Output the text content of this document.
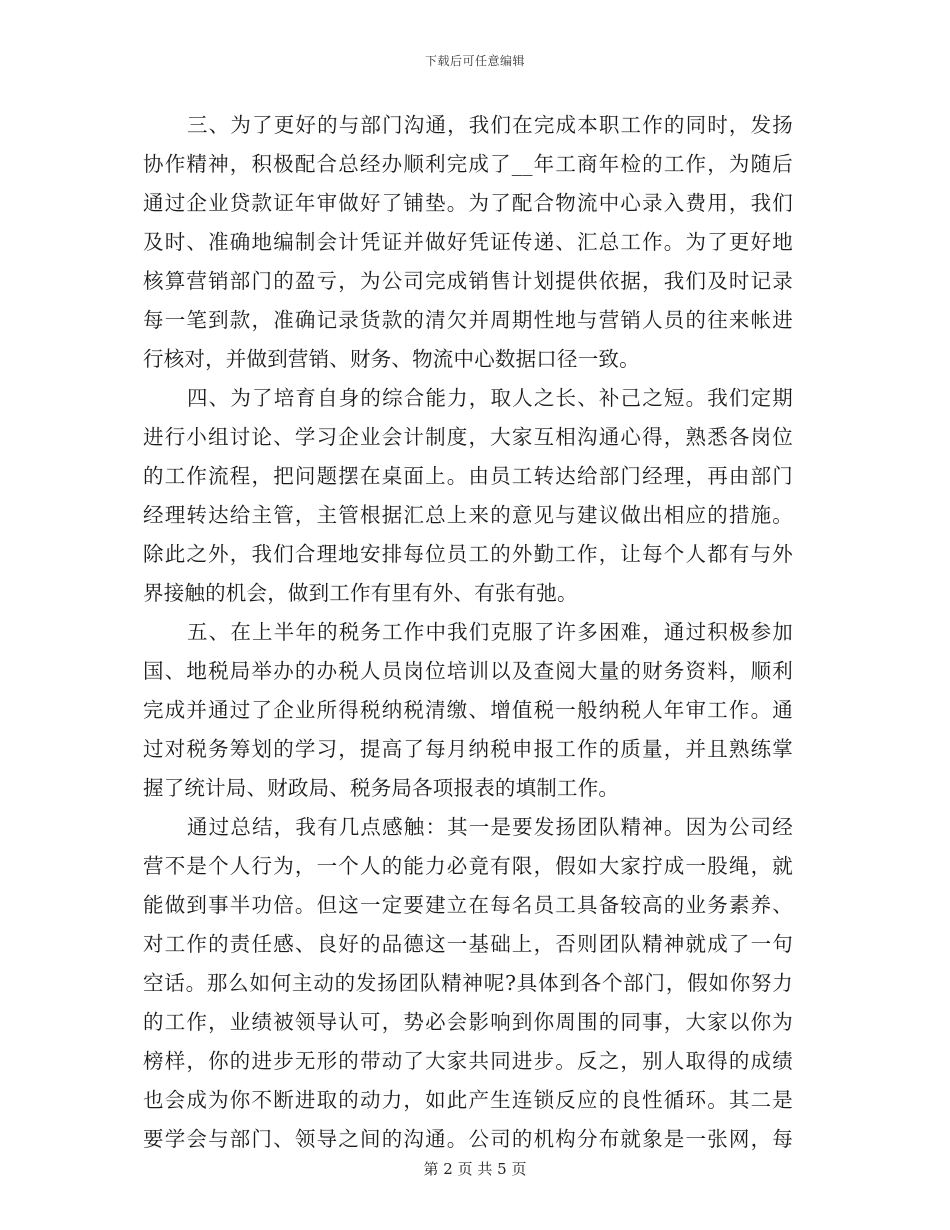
下载后可任意编辑

三、为了更好的与部门沟通，我们在完成本职工作的同时，发扬

协作精神，积极配合总经办顺利完成了__年工商年检的工作，为随后

通过企业贷款证年审做好了铺垫。为了配合物流中心录入费用，我们

及时、准确地编制会计凭证并做好凭证传递、汇总工作。为了更好地

核算营销部门的盈亏，为公司完成销售计划提供依据，我们及时记录

每一笔到款，准确记录货款的清欠并周期性地与营销人员的往来帐进

行核对，并做到营销、财务、物流中心数据口径一致。

四、为了培育自身的综合能力，取人之长、补己之短。我们定期

进行小组讨论、学习企业会计制度，大家互相沟通心得，熟悉各岗位

的工作流程，把问题摆在桌面上。由员工转达给部门经理，再由部门

经理转达给主管，主管根据汇总上来的意见与建议做出相应的措施。

除此之外，我们合理地安排每位员工的外勤工作，让每个人都有与外

界接触的机会，做到工作有里有外、有张有弛。

五、在上半年的税务工作中我们克服了许多困难，通过积极参加

国、地税局举办的办税人员岗位培训以及查阅大量的财务资料，顺利

完成并通过了企业所得税纳税清缴、增值税一般纳税人年审工作。通

过对税务筹划的学习，提高了每月纳税申报工作的质量，并且熟练掌

握了统计局、财政局、税务局各项报表的填制工作。

通过总结，我有几点感触：其一是要发扬团队精神。因为公司经

营不是个人行为，一个人的能力必竟有限，假如大家拧成一股绳，就

能做到事半功倍。但这一定要建立在每名员工具备较高的业务素养、

对工作的责任感、良好的品德这一基础上，否则团队精神就成了一句

空话。那么如何主动的发扬团队精神呢?具体到各个部门，假如你努力

的工作，业绩被领导认可，势必会影响到你周围的同事，大家以你为

榜样，你的进步无形的带动了大家共同进步。反之，别人取得的成绩

也会成为你不断进取的动力，如此产生连锁反应的良性循环。其二是

要学会与部门、领导之间的沟通。公司的机构分布就象是一张网，每

第 2 页 共 5 页
